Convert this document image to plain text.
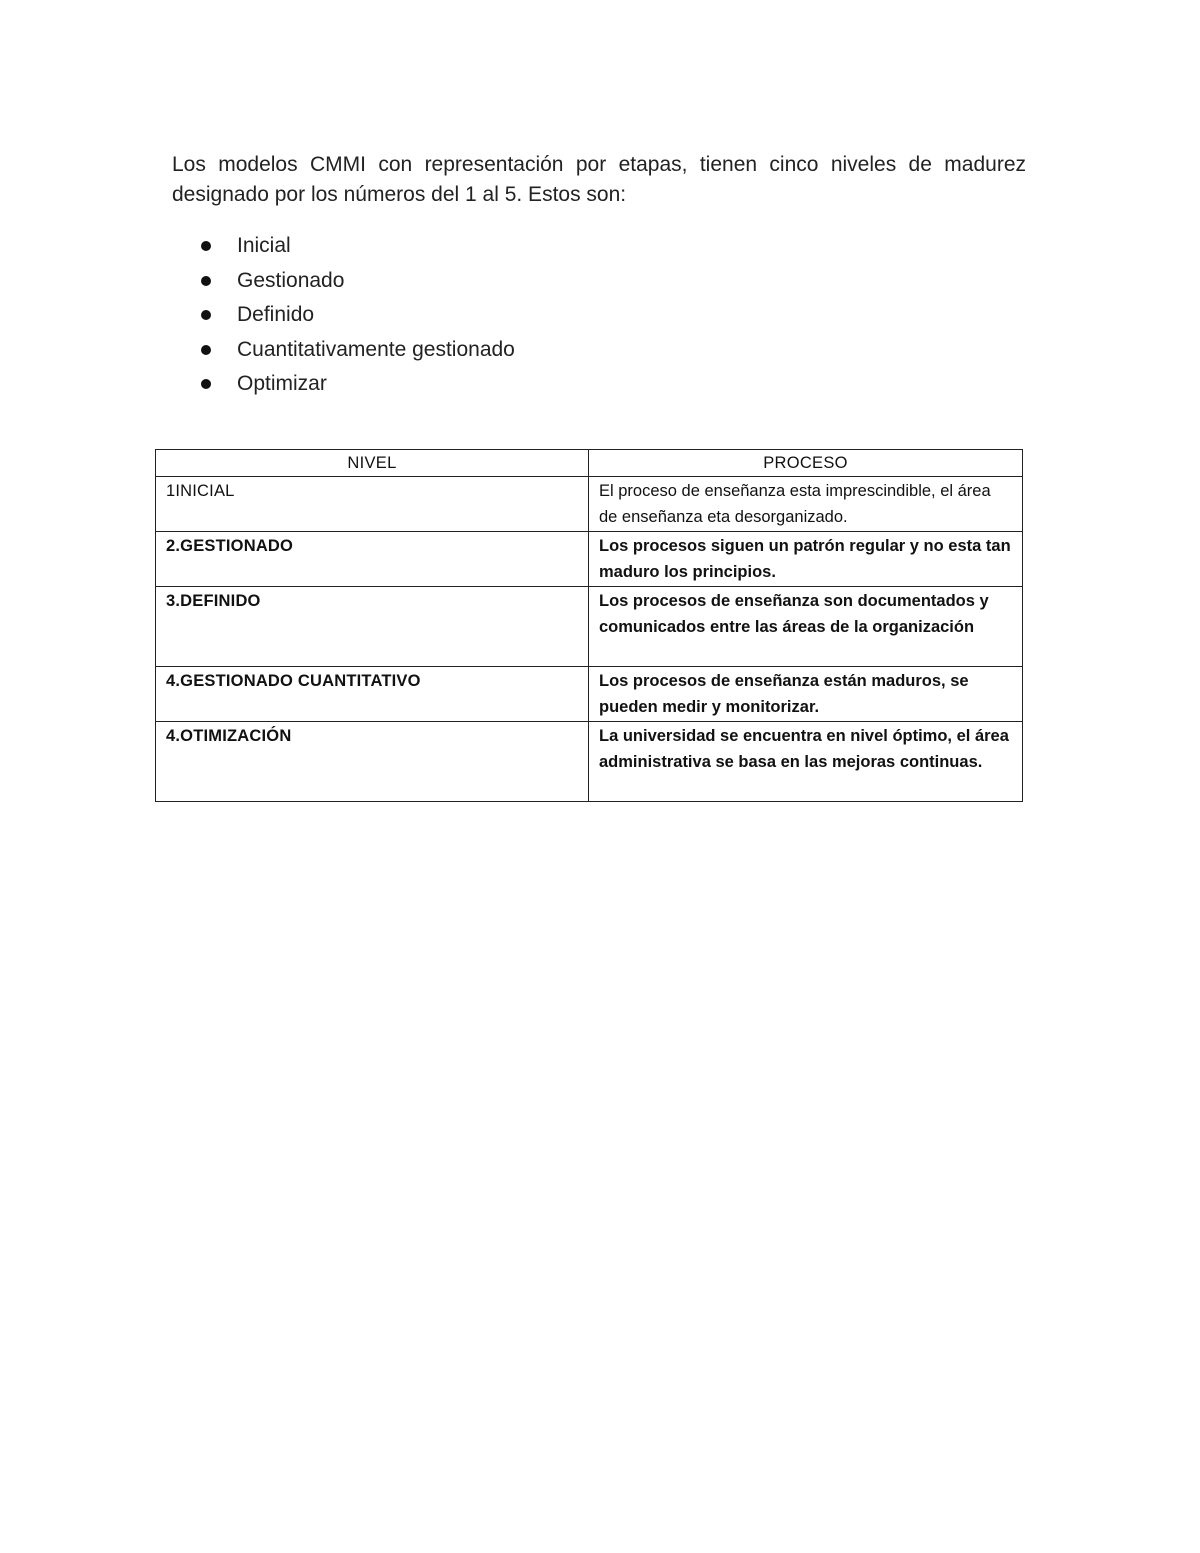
Los modelos CMMI con representación por etapas, tienen cinco niveles de madurez designado por los números del 1 al 5. Estos son:

Inicial
Gestionado
Definido
Cuantitativamente gestionado
Optimizar
NIVEL	PROCESO
1INICIAL	El proceso de enseñanza esta imprescindible, el área de enseñanza eta desorganizado.
2.GESTIONADO	Los procesos siguen un patrón regular y no esta tan maduro los principios.
3.DEFINIDO	Los procesos de enseñanza son documentados y comunicados entre las áreas de la organización
4.GESTIONADO CUANTITATIVO	Los procesos de enseñanza están maduros, se pueden medir y monitorizar.
4.OTIMIZACIÓN	La universidad se encuentra en nivel óptimo, el área administrativa se basa en las mejoras continuas.
